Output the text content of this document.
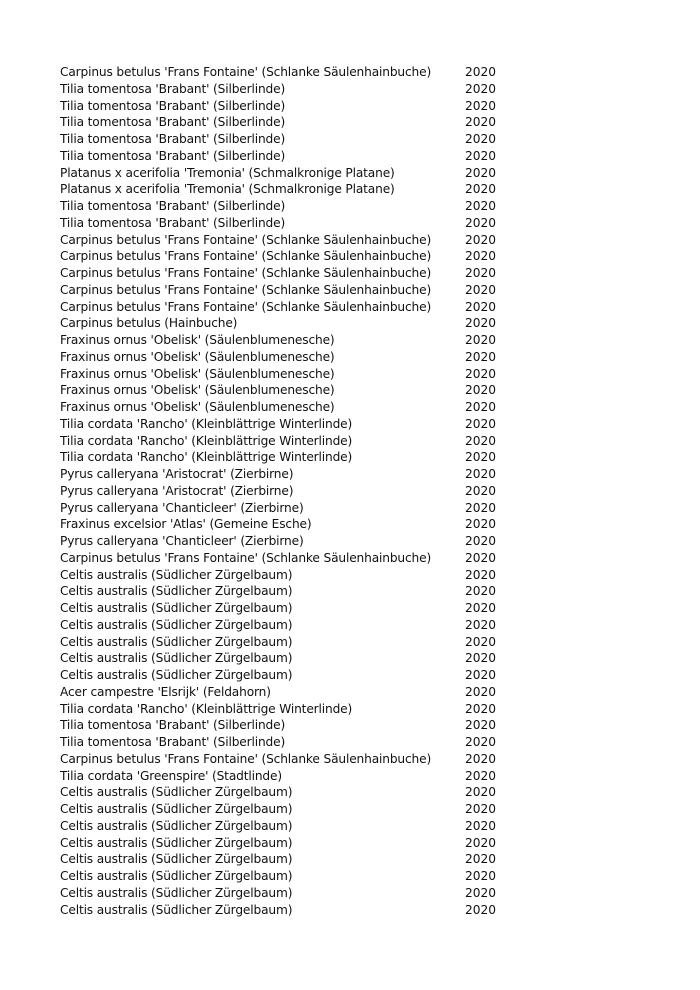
Carpinus betulus 'Frans Fontaine' (Schlanke Säulenhainbuche)	2020
Tilia tomentosa 'Brabant' (Silberlinde)	2020
Tilia tomentosa 'Brabant' (Silberlinde)	2020
Tilia tomentosa 'Brabant' (Silberlinde)	2020
Tilia tomentosa 'Brabant' (Silberlinde)	2020
Tilia tomentosa 'Brabant' (Silberlinde)	2020
Platanus x acerifolia 'Tremonia' (Schmalkronige Platane)	2020
Platanus x acerifolia 'Tremonia' (Schmalkronige Platane)	2020
Tilia tomentosa 'Brabant' (Silberlinde)	2020
Tilia tomentosa 'Brabant' (Silberlinde)	2020
Carpinus betulus 'Frans Fontaine' (Schlanke Säulenhainbuche)	2020
Carpinus betulus 'Frans Fontaine' (Schlanke Säulenhainbuche)	2020
Carpinus betulus 'Frans Fontaine' (Schlanke Säulenhainbuche)	2020
Carpinus betulus 'Frans Fontaine' (Schlanke Säulenhainbuche)	2020
Carpinus betulus 'Frans Fontaine' (Schlanke Säulenhainbuche)	2020
Carpinus betulus (Hainbuche)	2020
Fraxinus ornus 'Obelisk' (Säulenblumenesche)	2020
Fraxinus ornus 'Obelisk' (Säulenblumenesche)	2020
Fraxinus ornus 'Obelisk' (Säulenblumenesche)	2020
Fraxinus ornus 'Obelisk' (Säulenblumenesche)	2020
Fraxinus ornus 'Obelisk' (Säulenblumenesche)	2020
Tilia cordata 'Rancho' (Kleinblättrige Winterlinde)	2020
Tilia cordata 'Rancho' (Kleinblättrige Winterlinde)	2020
Tilia cordata 'Rancho' (Kleinblättrige Winterlinde)	2020
Pyrus calleryana 'Aristocrat' (Zierbirne)	2020
Pyrus calleryana 'Aristocrat' (Zierbirne)	2020
Pyrus calleryana 'Chanticleer' (Zierbirne)	2020
Fraxinus excelsior 'Atlas' (Gemeine Esche)	2020
Pyrus calleryana 'Chanticleer' (Zierbirne)	2020
Carpinus betulus 'Frans Fontaine' (Schlanke Säulenhainbuche)	2020
Celtis australis (Südlicher Zürgelbaum)	2020
Celtis australis (Südlicher Zürgelbaum)	2020
Celtis australis (Südlicher Zürgelbaum)	2020
Celtis australis (Südlicher Zürgelbaum)	2020
Celtis australis (Südlicher Zürgelbaum)	2020
Celtis australis (Südlicher Zürgelbaum)	2020
Celtis australis (Südlicher Zürgelbaum)	2020
Acer campestre 'Elsrijk' (Feldahorn)	2020
Tilia cordata 'Rancho' (Kleinblättrige Winterlinde)	2020
Tilia tomentosa 'Brabant' (Silberlinde)	2020
Tilia tomentosa 'Brabant' (Silberlinde)	2020
Carpinus betulus 'Frans Fontaine' (Schlanke Säulenhainbuche)	2020
Tilia cordata 'Greenspire' (Stadtlinde)	2020
Celtis australis (Südlicher Zürgelbaum)	2020
Celtis australis (Südlicher Zürgelbaum)	2020
Celtis australis (Südlicher Zürgelbaum)	2020
Celtis australis (Südlicher Zürgelbaum)	2020
Celtis australis (Südlicher Zürgelbaum)	2020
Celtis australis (Südlicher Zürgelbaum)	2020
Celtis australis (Südlicher Zürgelbaum)	2020
Celtis australis (Südlicher Zürgelbaum)	2020
